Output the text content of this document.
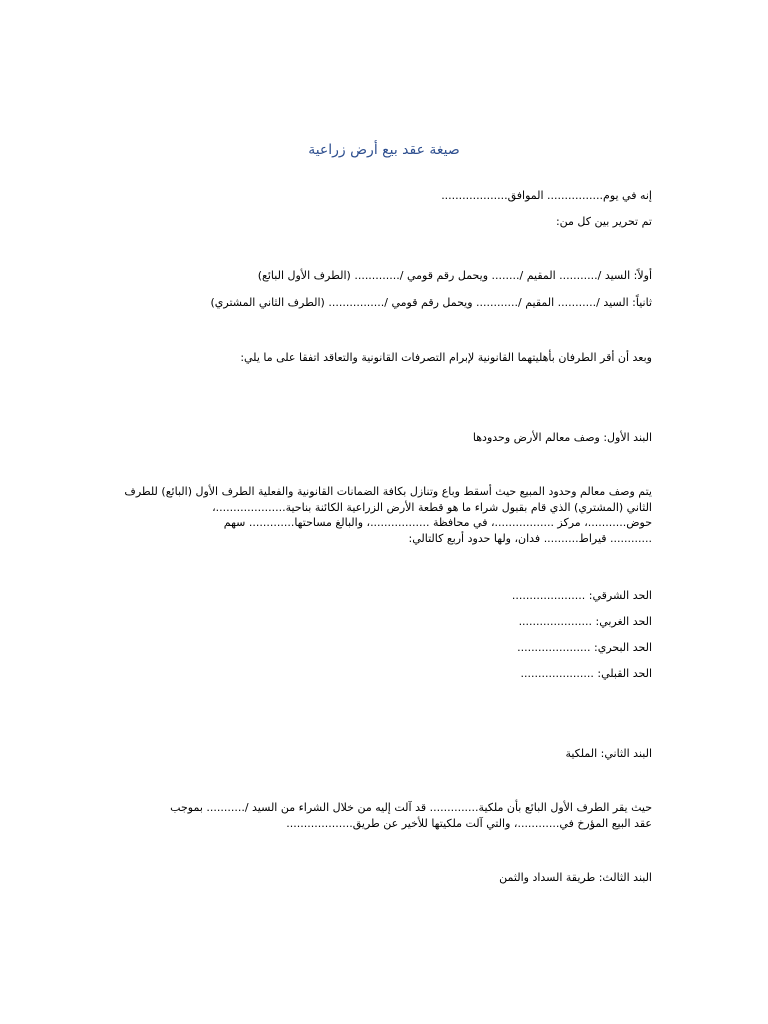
صيغة عقد بيع أرض زراعية
إنه في يوم................ الموافق...................
تم تحرير بين كل من:
أولاً: السيد /........... المقيم /........ ويحمل رقم قومي /............. (الطرف الأول البائع)
ثانياً: السيد /........... المقيم /............ ويحمل رقم قومي /................ (الطرف الثاني المشتري)
وبعد أن أقر الطرفان بأهليتهما القانونية لإبرام التصرفات القانونية والتعاقد اتفقا على ما يلي:
البند الأول: وصف معالم الأرض وحدودها
يتم وصف معالم وحدود المبيع حيث أسقط وباع وتنازل بكافة الضمانات القانونية والفعلية الطرف الأول (البائع) للطرف
الثاني (المشتري) الذي قام بقبول شراء ما هو قطعة الأرض الزراعية الكائنة بناحية....................،
حوض...........، مركز .................، في محافظة .................، والبالغ مساحتها............. سهم
............ قيراط.......... فدان، ولها حدود أربع كالتالي:
الحد الشرقي: .....................
الحد الغربي: .....................
الحد البحري: .....................
الحد القبلي: .....................
البند الثاني: الملكية
حيث يقر الطرف الأول البائع بأن ملكية.............. قد آلت إليه من خلال الشراء من السيد /........... بموجب
عقد البيع المؤرخ في............، والتي آلت ملكيتها للأخير عن طريق...................
البند الثالث: طريقة السداد والثمن
